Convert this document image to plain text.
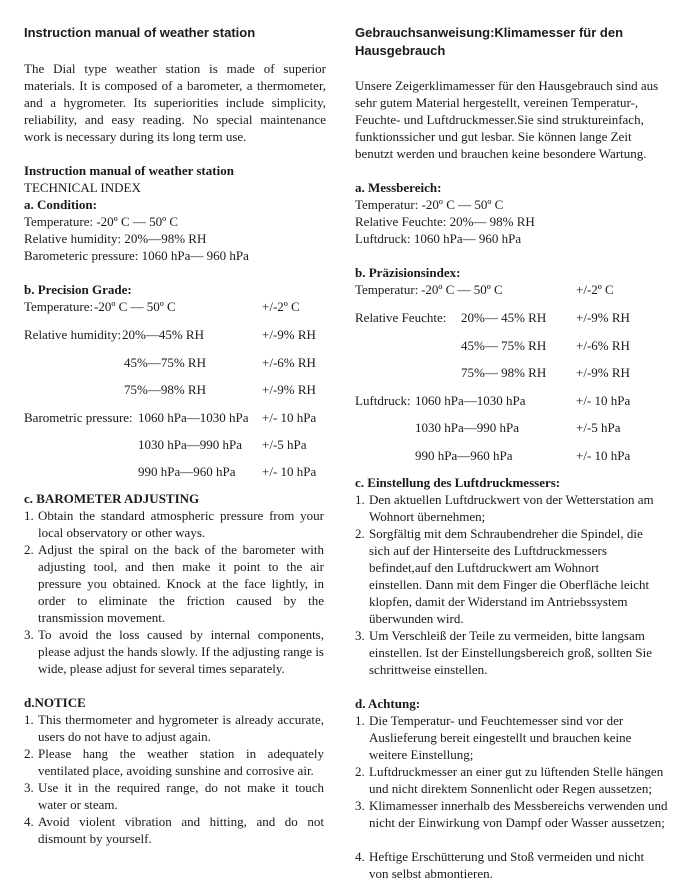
Instruction manual of weather station

The Dial type weather station is made of superior materials. It is composed of a barometer, a thermometer, and a hygrometer. Its superiorities include simplicity, reliability, and easy reading. No special maintenance work is necessary during its long term use.

Instruction manual of weather station
TECHNICAL INDEX
a. Condition:
Temperature: -20º C — 50º C
Relative humidity: 20%—98% RH
Barometeric pressure: 1060 hPa— 960 hPa
b. Precision Grade:
Temperature: -20º C — 50º C	+/-2º C
Relative humidity: 20%—45% RH	+/-9% RH
45%—75% RH	+/-6% RH
75%—98% RH	+/-9% RH
Barometric pressure: 1060 hPa—1030 hPa +/- 10 hPa
1030 hPa—990 hPa +/-5 hPa
990 hPa—960 hPa +/- 10 hPa
c. BAROMETER ADJUSTING
1. Obtain the standard atmospheric pressure from your local observatory or other ways.
2. Adjust the spiral on the back of the barometer with adjusting tool, and then make it point to the air pressure you obtained. Knock at the face lightly, in order to eliminate the friction caused by the transmission movement.
3. To avoid the loss caused by internal components, please adjust the hands slowly. If the adjusting range is wide, please adjust for several times separately.
d.NOTICE
1. This thermometer and hygrometer is already accurate, users do not have to adjust again.
2. Please hang the weather station in adequately ventilated place, avoiding sunshine and corrosive air.
3. Use it in the required range, do not make it touch water or steam.
4. Avoid violent vibration and hitting, and do not dismount by yourself.
Gebrauchsanweisung:Klimamesser für den Hausgebrauch

Unsere Zeigerklimamesser für den Hausgebrauch sind aus sehr gutem Material hergestellt, vereinen Temperatur-, Feuchte- und Luftdruckmesser.Sie sind struktureinfach, funktionssicher und gut lesbar. Sie können lange Zeit benutzt werden und brauchen keine besondere Wartung.

a. Messbereich:
Temperatur: -20º C — 50º C
Relative Feuchte: 20%— 98% RH
Luftdruck: 1060 hPa— 960 hPa
b. Präzisionsindex:
Temperatur: -20º C — 50º C	+/-2º C
Relative Feuchte: 20%— 45% RH +/-9% RH
45%— 75% RH +/-6% RH
75%— 98% RH +/-9% RH
Luftdruck: 1060 hPa—1030 hPa	+/- 10 hPa
1030 hPa—990 hPa	+/-5 hPa
990 hPa—960 hPa	+/- 10 hPa
c. Einstellung des Luftdruckmessers:
1. Den aktuellen Luftdruckwert von der Wetterstation am Wohnort übernehmen;
2. Sorgfältig mit dem Schraubendreher die Spindel, die sich auf der Hinterseite des Luftdruckmessers befindet,auf den Luftdruckwert am Wohnort einstellen. Dann mit dem Finger die Oberfläche leicht klopfen, damit der Widerstand im Antriebssystem überwunden wird.
3. Um Verschleiß der Teile zu vermeiden, bitte langsam einstellen. Ist der Einstellungsbereich groß, sollten Sie schrittweise einstellen.
d. Achtung:
1. Die Temperatur- und Feuchtemesser sind vor der Auslieferung bereit eingestellt und brauchen keine weitere Einstellung;
2. Luftdruckmesser an einer gut zu lüftenden Stelle hängen und nicht direktem Sonnenlicht oder Regen aussetzen;
3. Klimamesser innerhalb des Messbereichs verwenden und nicht der Einwirkung von Dampf oder Wasser aussetzen;
4. Heftige Erschütterung und Stoß vermeiden und nicht von selbst abmontieren.
